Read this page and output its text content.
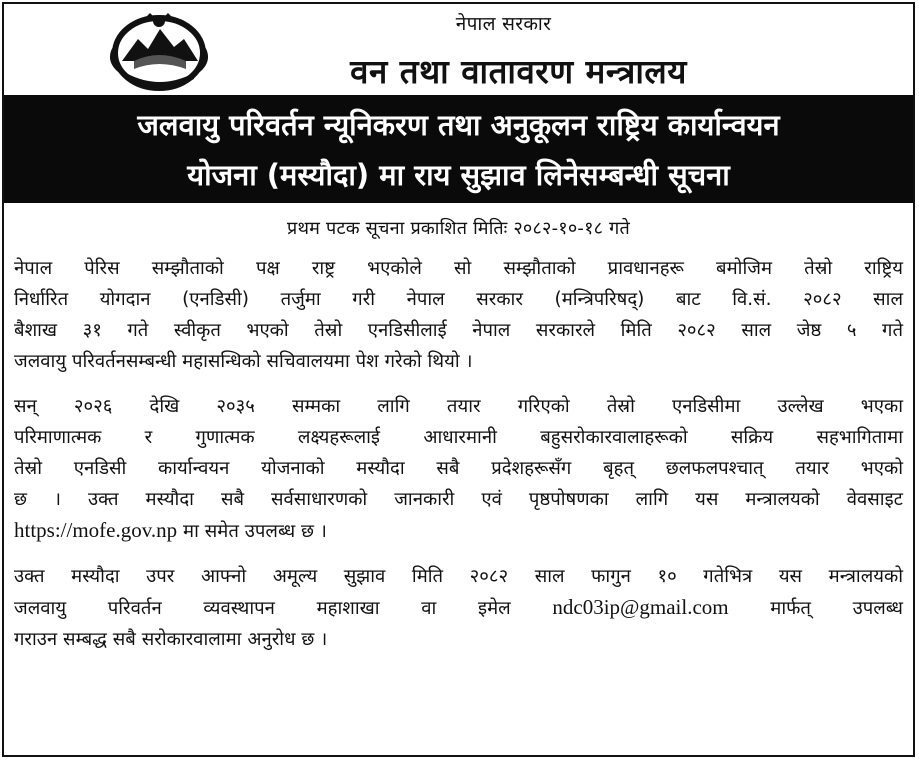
नेपाल सरकार
वन तथा वातावरण मन्त्रालय
जलवायु परिवर्तन न्यूनिकरण तथा अनुकूलन राष्ट्रिय कार्यान्वयन
योजना (मस्यौदा) मा राय सुझाव लिनेसम्बन्धी सूचना
प्रथम पटक सूचना प्रकाशित मितिः २०८२-१०-१८ गते
नेपाल पेरिस सम्झौताको पक्ष राष्ट्र भएकोले सो सम्झौताको प्रावधानहरू बमोजिम तेस्रो राष्ट्रिय
निर्धारित योगदान (एनडिसी) तर्जुमा गरी नेपाल सरकार (मन्त्रिपरिषद्) बाट वि.सं. २०८२ साल
बैशाख ३१ गते स्वीकृत भएको तेस्रो एनडिसीलाई नेपाल सरकारले मिति २०८२ साल जेष्ठ ५ गते
जलवायु परिवर्तनसम्बन्धी महासन्धिको सचिवालयमा पेश गरेको थियो ।
सन् २०२६ देखि २०३५ सम्मका लागि तयार गरिएको तेस्रो एनडिसीमा उल्लेख भएका
परिमाणात्मक र गुणात्मक लक्ष्यहरूलाई आधारमानी बहुसरोकारवालाहरूको सक्रिय सहभागितामा
तेस्रो एनडिसी कार्यान्वयन योजनाको मस्यौदा सबै प्रदेशहरूसँग बृहत् छलफलपश्चात् तयार भएको
छ । उक्त मस्यौदा सबै सर्वसाधारणको जानकारी एवं पृष्ठपोषणका लागि यस मन्त्रालयको वेवसाइट
https://mofe.gov.np मा समेत उपलब्ध छ ।
उक्त मस्यौदा उपर आफ्नो अमूल्य सुझाव मिति २०८२ साल फागुन १० गतेभित्र यस मन्त्रालयको
जलवायु परिवर्तन व्यवस्थापन महाशाखा वा इमेल ndc03ip@gmail.com मार्फत् उपलब्ध
गराउन सम्बद्ध सबै सरोकारवालामा अनुरोध छ ।
